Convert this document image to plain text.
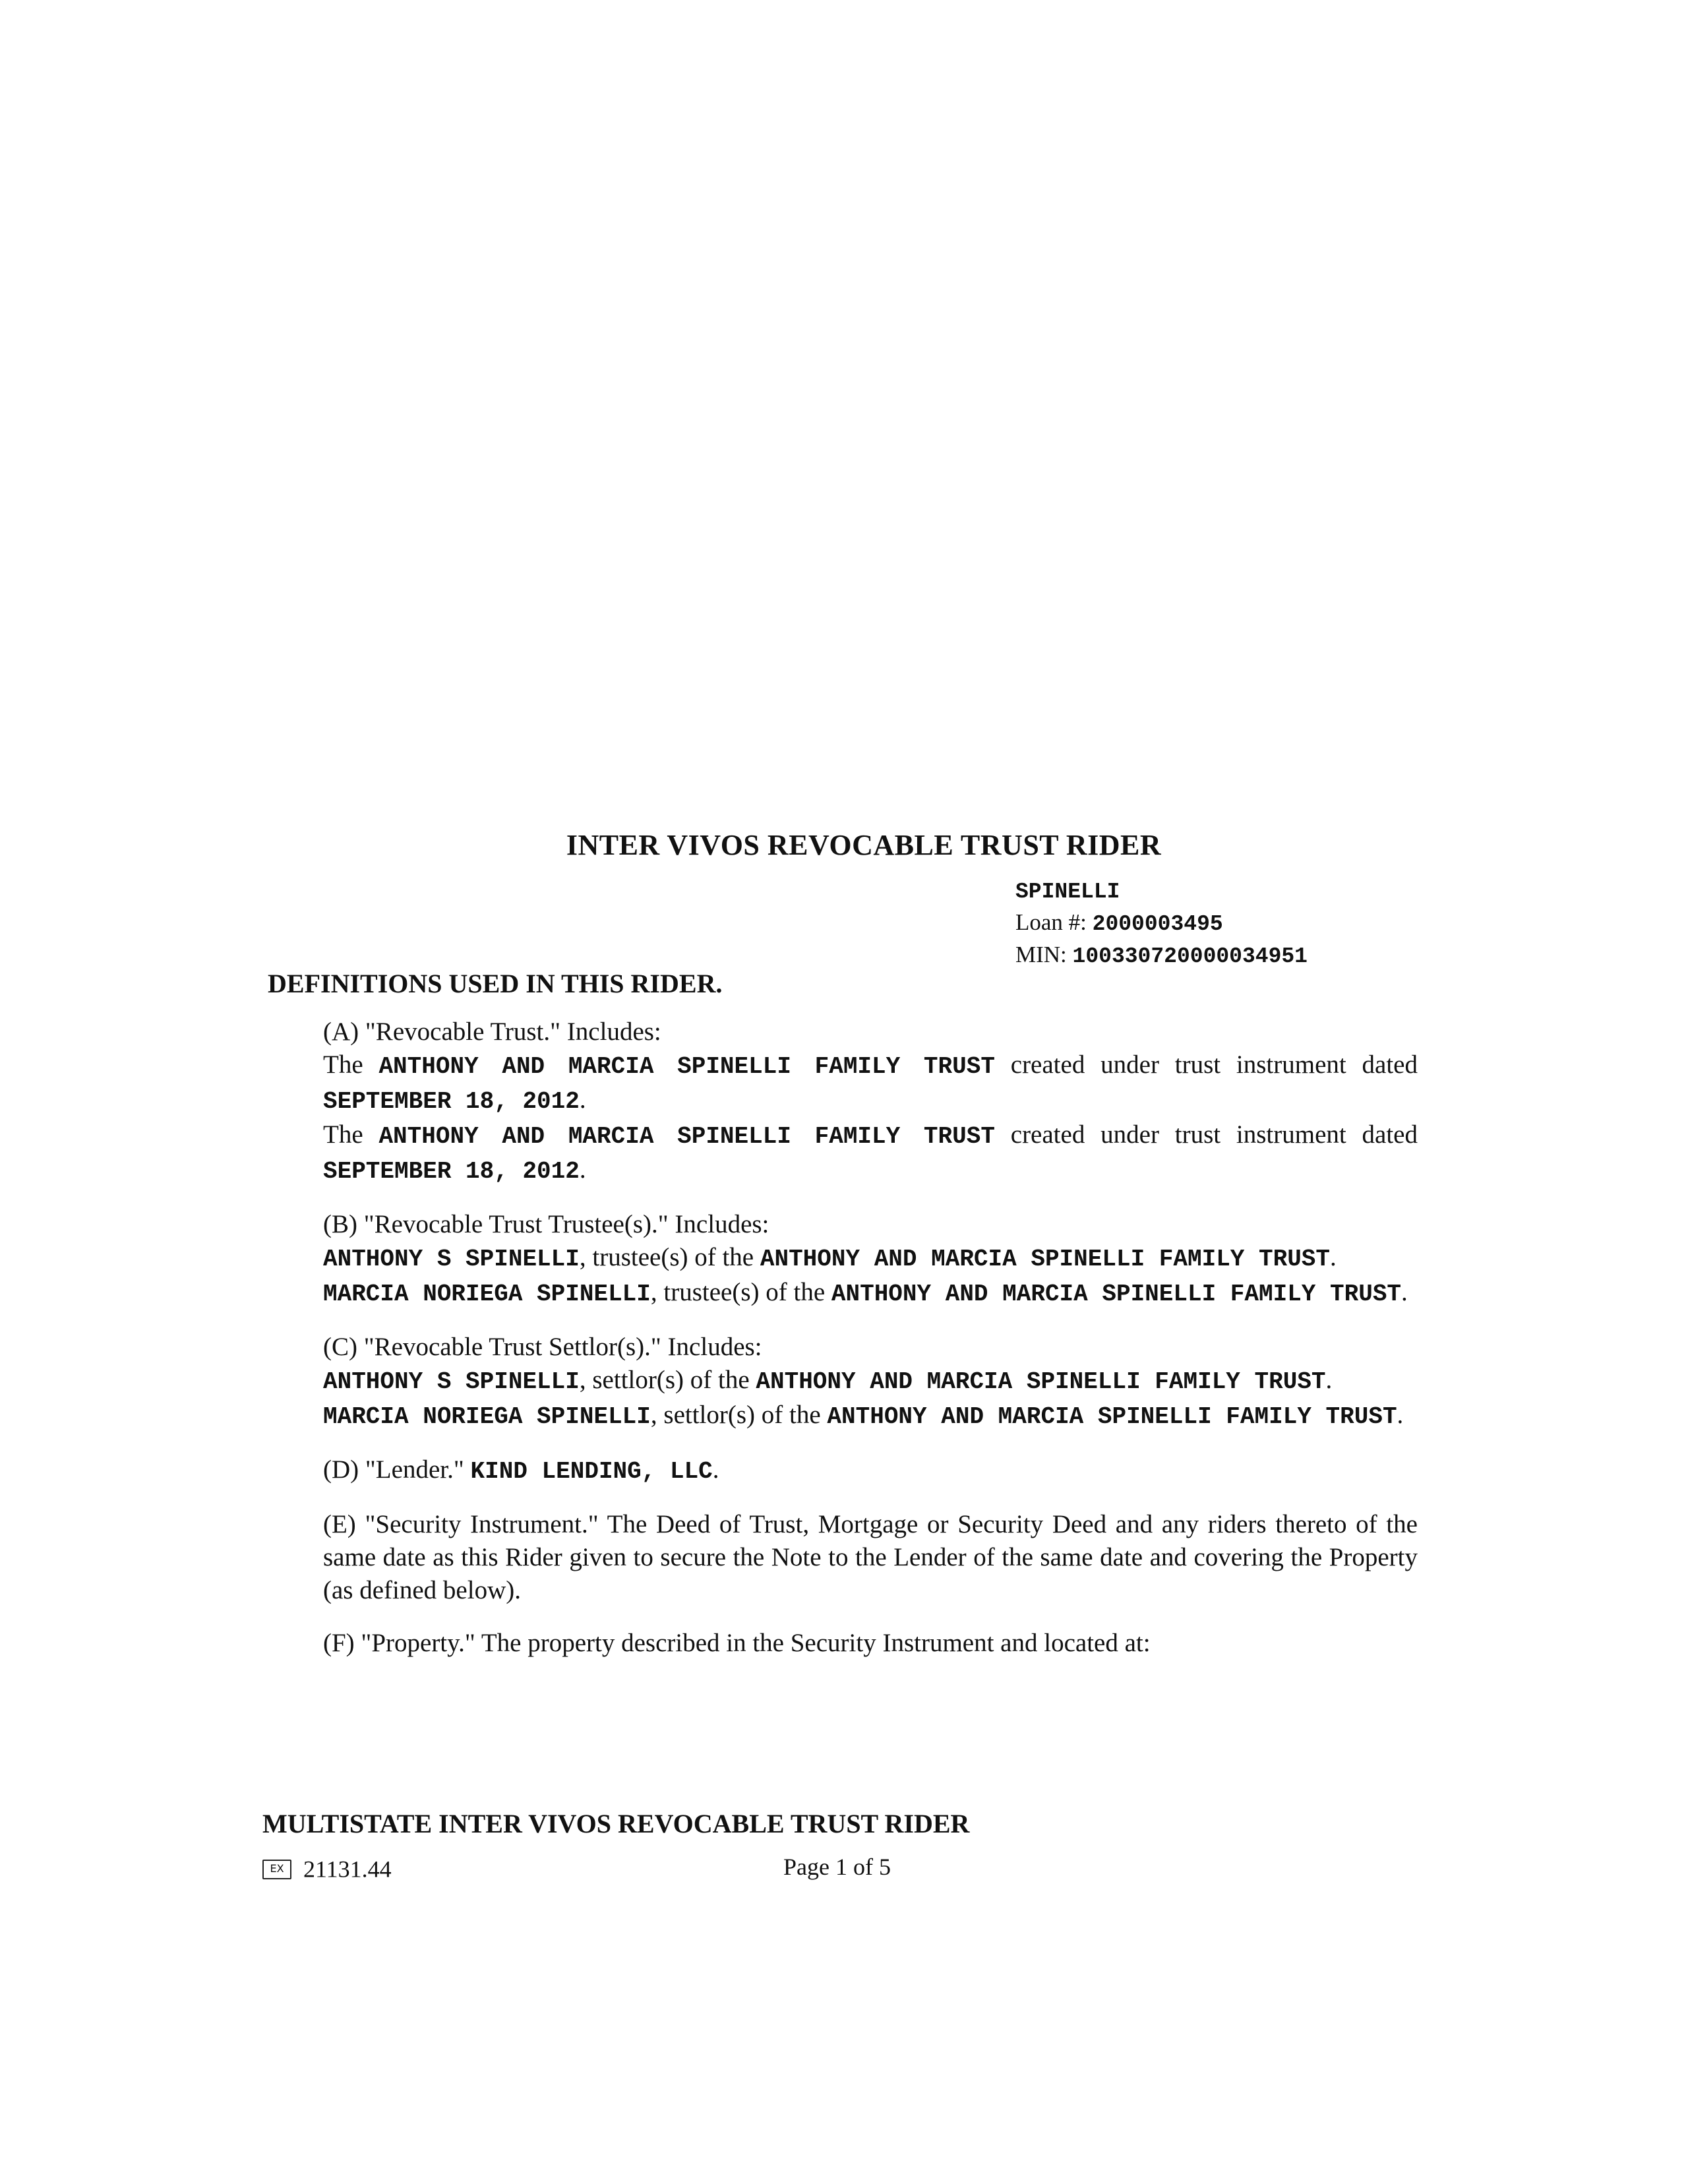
INTER VIVOS REVOCABLE TRUST RIDER
SPINELLI
Loan #: 2000003495
MIN: 100330720000034951
DEFINITIONS USED IN THIS RIDER.

(A) "Revocable Trust." Includes:

The ANTHONY AND MARCIA SPINELLI FAMILY TRUST created under trust instrument dated SEPTEMBER 18, 2012.

The ANTHONY AND MARCIA SPINELLI FAMILY TRUST created under trust instrument dated SEPTEMBER 18, 2012.

(B) "Revocable Trust Trustee(s)." Includes:

ANTHONY S SPINELLI, trustee(s) of the ANTHONY AND MARCIA SPINELLI FAMILY TRUST.

MARCIA NORIEGA SPINELLI, trustee(s) of the ANTHONY AND MARCIA SPINELLI FAMILY TRUST.

(C) "Revocable Trust Settlor(s)." Includes:

ANTHONY S SPINELLI, settlor(s) of the ANTHONY AND MARCIA SPINELLI FAMILY TRUST.

MARCIA NORIEGA SPINELLI, settlor(s) of the ANTHONY AND MARCIA SPINELLI FAMILY TRUST.

(D) "Lender." KIND LENDING, LLC.

(E) "Security Instrument." The Deed of Trust, Mortgage or Security Deed and any riders thereto of the same date as this Rider given to secure the Note to the Lender of the same date and covering the Property (as defined below).

(F) "Property." The property described in the Security Instrument and located at:

MULTISTATE INTER VIVOS REVOCABLE TRUST RIDER
EX 21131.44	Page 1 of 5
